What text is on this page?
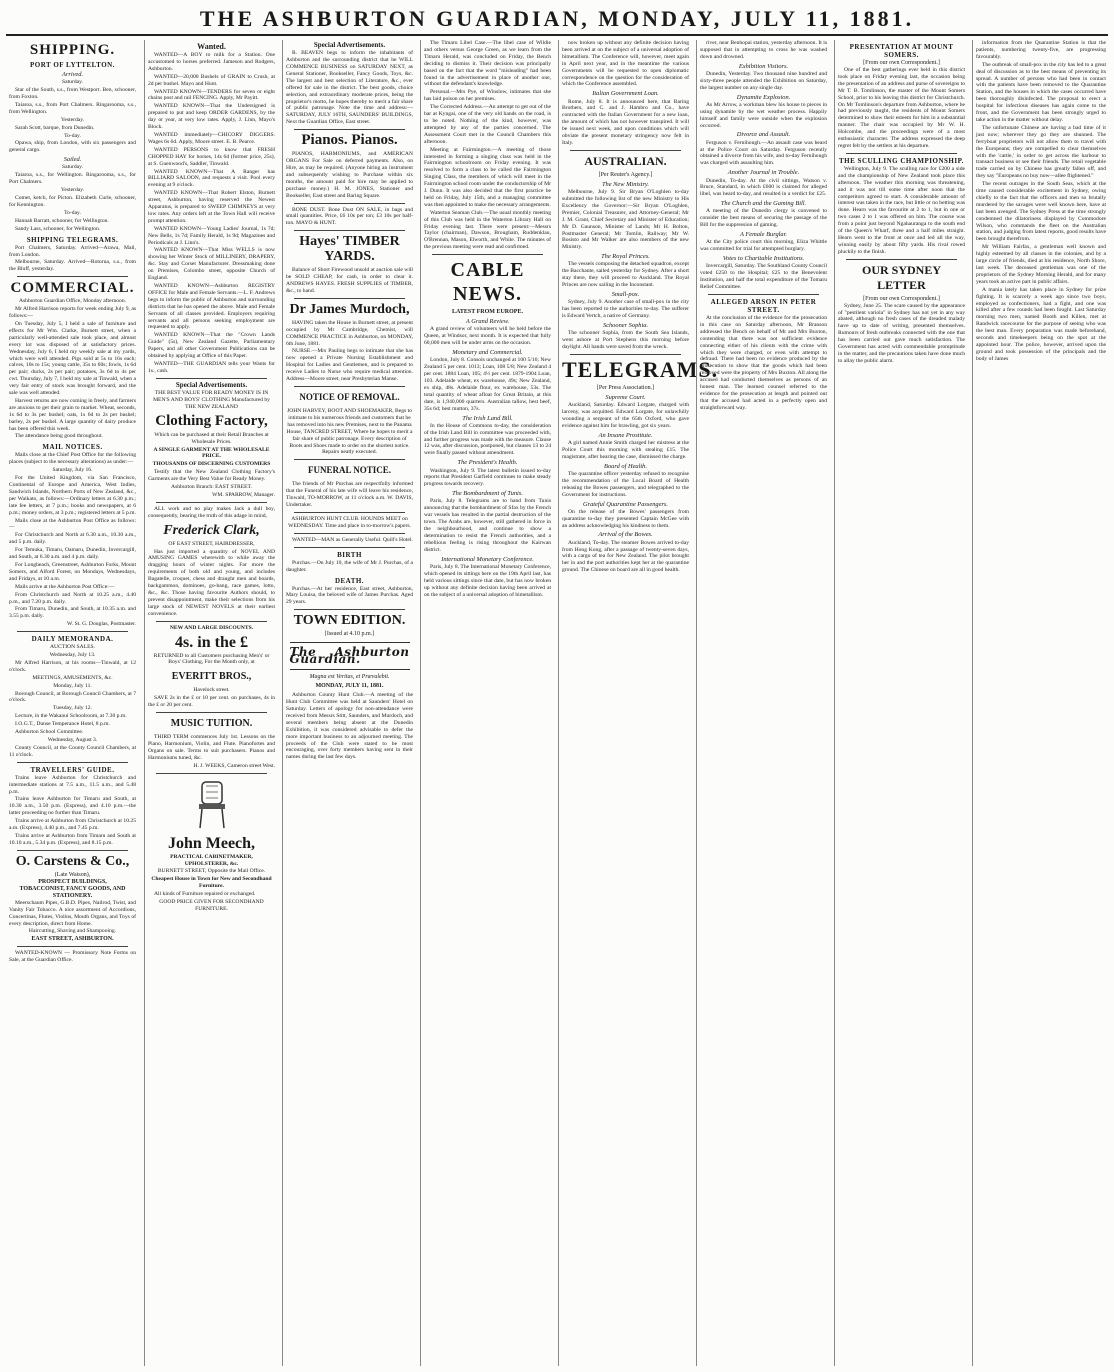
THE ASHBURTON GUARDIAN, MONDAY, JULY 11, 1881.
SHIPPING.
PORT OF LYTTELTON.
Arrived.

Saturday.

Star of the South, s.s., from Westport. Ben, schooner, from Foxton.

Taiaroa, s.s., from Port Chalmers. Ringarooma, s.s., from Wellington.

Yesterday.

Sarah Scott, barque, from Dunedin.

To-day.

Opawa, ship, from London, with six passengers and general cargo.

Sailed.

Saturday.

Taiaroa, s.s., for Wellington. Ringarooma, s.s., for Port Chalmers.

Yesterday.

Comet, ketch, for Picton. Elizabeth Curle, schooner, for Kennington.

To-day.

Hannah Barratt, schooner, for Wellington.

Sandy Lass, schooner, for Wellington.

SHIPPING TELEGRAMS.

Port Chalmers, Saturday. Arrived—Arawa, Mail, from London.

Melbourne, Saturday. Arrived—Rotorua, s.s., from the Bluff, yesterday.

COMMERCIAL.

Ashburton Guardian Office, Monday afternoon.

Mr Alfred Harrison reports for week ending July 9, as follows:—

On Tuesday, July 5, I held a sale of furniture and effects for Mr Wm. Clarke, Burnett street, when a particularly well-attended sale took place, and almost every lot was disposed of at satisfactory prices. Wednesday, July 6, I held my weekly sale at my yards, which were well attended. Pigs sold at 5s to 16s each; calves, 10s to 15s; young cattle, 35s to 60s; fowls, 1s 6d per pair; ducks, 2s per pair; potatoes, 3s 6d to 4s per cwt. Thursday, July 7, I held my sale at Tinwald, when a very fair entry of stock was brought forward, and the sale was well attended.

Harvest returns are now coming in freely, and farmers are anxious to get their grain to market. Wheat, seconds, 1s 6d to 3s per bushel; oats, 1s 6d to 2s per bushel; barley, 2s per bushel. A large quantity of dairy produce has been offered this week.

The attendance being good throughout.

MAIL NOTICES.

Mails close at the Chief Post Office for the following places (subject to the necessary alterations) as under:—

Saturday, July 16.

For the United Kingdom, via San Francisco, Continental of Europe and America, West Indies, Sandwich Islands, Northern Ports of New Zealand, &c., per Waikato, as follows:—Ordinary letters at 6.30 p.m.; late fee letters, at 7 p.m.; books and newspapers, at 6 p.m.; money orders, at 3 p.m.; registered letters at 5 p.m.

Mails close at the Ashburton Post Office as follows:—

For Christchurch and North at 6.30 a.m., 10.30 a.m., and 5 p.m. daily.

For Temuka, Timaru, Oamaru, Dunedin, Invercargill, and South, at 6.30 a.m. and 4 p.m. daily.

For Longbeach, Greenstreet, Ashburton Forks, Mount Somers, and Alford Forest, on Mondays, Wednesdays, and Fridays, at 10 a.m.

Mails arrive at the Ashburton Post Office:—

From Christchurch and North at 10.25 a.m., 4.40 p.m., and 7.20 p.m. daily.

From Timaru, Dunedin, and South, at 10.35 a.m. and 3.55 p.m. daily.

W. St. G. Douglas, Postmaster.

DAILY MEMORANDA.

AUCTION SALES.

Wednesday, July 13.

Mr Alfred Harrison, at his rooms—Tinwald, at 12 o'clock.

MEETINGS, AMUSEMENTS, &c.

Monday, July 11.

Borough Council, at Borough Council Chambers, at 7 o'clock.

Tuesday, July 12.

Lecture, in the Wakanui Schoolroom, at 7.30 p.m.

I.O.G.T., Dunse Temperance Hotel, 8 p.m.

Ashburton School Committee.

Wednesday, August 3.

County Council, at the County Council Chambers, at 11 o'clock.

TRAVELLERS' GUIDE.

Trains leave Ashburton for Christchurch and intermediate stations at 7.5 a.m., 11.5 a.m., and 5.48 p.m.

Trains leave Ashburton for Timaru and South, at 10.30 a.m., 3.50 p.m. (Express), and 4.10 p.m.—the latter proceeding no further than Timaru.

Trains arrive at Ashburton from Christchurch at 10.25 a.m. (Express), 4.40 p.m., and 7.45 p.m.

Trains arrive at Ashburton from Timaru and South at 10.10 a.m., 5.34 p.m. (Express), and 8.15 p.m.

O. Carstens & Co.,
(Late Watson),
PROSPECT BUILDINGS,
TOBACCONIST, FANCY GOODS, AND STATIONERY.

Meerschaum Pipes, G.B.D. Pipes, Nailrod, Twist, and Vanity Fair Tobacco. A nice assortment of Accordions, Concertinas, Flutes, Violins, Mouth Organs, and Toys of every description, direct from Home.

Haircutting, Shaving and Shampooing.

EAST STREET, ASHBURTON.

WANTED-KNOWN — Promissory Note Forms on Sale, at the Guardian Office.

Wanted.

WANTED—A BOY to milk for a Station. One accustomed to horses preferred. Jameson and Rodgers, Ashburton.

WANTED—20,000 Bushels of GRAIN to Crush, at 2d per bushel. Mayo and Hunt.

WANTED KNOWN—TENDERS for seven or eight chains post and rail FENCING. Apply, Mr Payitt.

WANTED KNOWN—That the Undersigned is prepared to put and keep ORDER GARDENS, by the day or year, at very low rates. Apply, J. Linn, Mayo's Block.

WANTED immediately—CHICORY DIGGERS. Wages 6s 6d. Apply, Moore street. E. B. Pearce.

WANTED PERSONS to know that FRESH CHOPPED HAY for horses, 14s 6d (former price, 25s), at S. Guenwood's, Saddler, Tinwald.

WANTED KNOWN—That A Ranger has BILLIARD SALOON, and requests a visit. Pool every evening at 9 o'clock.

WANTED KNOWN—That Robert Elston, Burnett street, Ashburton, having reserved the Newest Apparatus, is prepared to SWEEP CHIMNEYS at very low rates. Any orders left at the Town Hall will receive prompt attention.

WANTED KNOWN—Young Ladies' Journal, 1s 7d; New Bells, 1s 7d; Family Herald, 1s 9d; Magazines and Periodicals at J. Linn's.

WANTED KNOWN—That Miss WELLS is now showing her Winter Stock of MILLINERY, DRAPERY, &c. Stay and Corset Manufacturer. Dressmaking done on Premises, Colombo street, opposite Church of England.

WANTED KNOWN—Ashburton REGISTRY OFFICE for Male and Female Servants.—L. F. Andrews begs to inform the public of Ashburton and surrounding districts that he has opened the above. Male and Female Servants of all classes provided. Employers requiring servants and all persons seeking employment are requested to apply.

WANTED KNOWN—That the "Crown Lands Guide" (5s), New Zealand Gazette, Parliamentary Papers, and all other Government Publications can be obtained by applying at Office of this Paper.

WANTED—THE GUARDIAN tells your Wants for 1s., cash.

Special Advertisements.

THE BEST VALUE FOR READY MONEY IS IN MEN'S AND BOYS' CLOTHING Manufactured by THE NEW ZEALAND

Clothing Factory,

Which can be purchased at their Retail Branches at Wholesale Prices.

A SINGLE GARMENT AT THE WHOLESALE PRICE.

THOUSANDS OF DISCERNING CUSTOMERS

Testify that the New Zealand Clothing Factory's Garments are the Very Best Value for Ready Money.

Ashburton Branch: EAST STREET.

WM. SPARROW, Manager.

ALL work and no play makes Jack a dull boy, consequently, bearing the truth of this adage in mind,

Frederick Clark,

OF EAST STREET, HAIRDRESSER,

Has just imported a quantity of NOVEL AND AMUSING GAMES wherewith to while away the dragging hours of winter nights. Far more the requirements of both old and young, and includes Bagatelle, croquet, chess and draught men and boards, backgammon, dominoes, go-bang, race games, lotto, &c., &c. Those having favourite Authors should, to prevent disappointment, make their selections from his large stock of NEWEST NOVELS at their earliest convenience.

NEW AND LARGE DISCOUNTS.

4s. in the £

RETURNED to all Customers purchasing Men's' or Boys' Clothing, For the Month only, at

EVERITT BROS.,

Havelock street.

SAVE 2s in the £ or 10 per cent. on purchases, 4s in the £ or 20 per cent.

MUSIC TUITION.

THIRD TERM commences July 1st. Lessons on the Piano, Harmonium, Violin, and Flute. Pianofortes and Organs on sale. Terms to suit purchasers. Pianos and Harmoniums tuned, &c.

H. J. WEEKS, Cameron street West.

John Meech,

PRACTICAL CABINETMAKER, UPHOLSTERER, &c.

BURNETT STREET, Opposite the Mail Office.

Cheapest House in Town for New and Secondhand Furniture.

All kinds of Furniture repaired or exchanged.

GOOD PRICE GIVEN FOR SECONDHAND FURNITURE.

Special Advertisements.

R. BEAVEN begs to inform the inhabitants of Ashburton and the surrounding district that he WILL COMMENCE BUSINESS on SATURDAY NEXT, as General Stationer, Bookseller, Fancy Goods, Toys, &c. The largest and best selection of Literature, &c., ever offered for sale in the district. The best goods, choice selection, and extraordinary moderate prices, being the proprietor's motto, he hopes thereby to merit a fair share of public patronage. Note the time and address:— SATURDAY, JULY 16TH, SAUNDERS' BUILDINGS, Next the Guardian Office, East street.

Pianos. Pianos.

PIANOS, HARMONIUMS, and AMERICAN ORGANS For Sale on deferred payments. Also, on Hire, as may be required. (Anyone hiring an instrument and subsequently wishing to Purchase within six months, the amount paid for hire may be applied to purchase money.) H. M. JONES, Stationer and Bookseller, East street and Baring Square.

BONE DUST. Bone Dust ON SALE, in bags and small quantities. Price, £6 10s per ton; £3 10s per half-ton. MAYO & HUNT.

Hayes' TIMBER YARDS.

Balance of Short Firewood unsold at auction sale will be SOLD CHEAP, for cash, in order to clear it. ANDREWS HAYES. FRESH SUPPLIES of TIMBER, &c., to hand.

Dr James Murdoch,

HAVING taken the House in Burnett street, at present occupied by Mr Cambridge, Chemist, will COMMENCE PRACTICE in Ashburton, on MONDAY, 6th June, 1881.

NURSE.—Mrs Pauling begs to intimate that she has now opened a Private Nursing Establishment and Hospital for Ladies and Gentlemen, and is prepared to receive Ladies to Nurse who require medical attention. Address—Moore street, near Presbyterian Manse.

NOTICE OF REMOVAL.

JOHN HARVEY, BOOT AND SHOEMAKER, Begs to intimate to his numerous friends and customers that he has removed into his new Premises, next to the Panama House, TANCRED STREET, Where he hopes to merit a fair share of public patronage. Every description of Boots and Shoes made to order on the shortest notice. Repairs neatly executed.

FUNERAL NOTICE.

The friends of Mr Purchas are respectfully informed that the Funeral of his late wife will leave his residence, Tinwald, TO-MORROW, at 11 o'clock a.m. W. DAVIS, Undertaker.

ASHBURTON HUNT CLUB. HOUNDS MEET on WEDNESDAY. Time and place in to-morrow's papers.

WANTED—MAN as Generally Useful. Quill's Hotel.

BIRTH

Purchas.—On July 10, the wife of Mr J. Purchas, of a daughter.

DEATH.

Purchas.—At her residence, East street, Ashburton, Mary Louisa, the beloved wife of James Purchas. Aged 29 years.

TOWN EDITION.
[Issued at 4.10 p.m.]
The Ashburton Guardian.
Magna est Veritas, et Prævalebit.
MONDAY, JULY 11, 1881.

Ashburton County Hunt Club.—A meeting of the Hunt Club Committee was held at Saunders' Hotel on Saturday. Letters of apology for non-attendance were received from Messrs Stitt, Saunders, and Murdoch, and several members being absent at the Dunedin Exhibition, it was considered advisable to defer the more important business to an adjourned meeting. The proceeds of the Club were stated to be most encouraging, over forty members having sent in their names during the last few days.

The Timaru Libel Case.—The libel case of Wildie and others versus George Green, as we learn from the Timaru Herald, was concluded on Friday, the Bench deciding to dismiss it. Their decision was principally based on the fact that the word "misleading" had been found in the advertisement in place of another one, without the defendant's knowledge.

Personal.—Mrs Pye, of Winslow, intimates that she has laid poison on her premises.

The Corrected Address.—An attempt to get out of the bar at Kyngai, one of the very old hands on the road, is to be noted. Nothing of the kind, however, was attempted by any of the parties concerned. The Assessment Court met in the Council Chambers this afternoon.

Meeting at Fairmington.—A meeting of those interested in forming a singing class was held in the Fairmington schoolroom on Friday evening. It was resolved to form a class to be called the Fairmington Singing Class, the members of which will meet in the Fairmington school room under the conductorship of Mr J. Dunn. It was also decided that the first practice be held on Friday, July 15th, and a managing committee was then appointed to make the necessary arrangements.

Waterton Seaman Club.—The usual monthly meeting of this Club was held in the Waterton Library Hall on Friday evening last. There were present:—Messrs Taylor (chairman), Dawson, Brougham, Ruddenklau, O'Brennan, Mason, Elworth, and White. The minutes of the previous meeting were read and confirmed.

CABLE NEWS.
LATEST FROM EUROPE.
A Grand Review.

A grand review of volunteers will be held before the Queen, at Windsor, next month. It is expected that fully 60,000 men will be under arms on the occasion.

Monetary and Commercial.

London, July 8. Consols unchanged at 100 5/16; New Zealand 5 per cent. 1013; Loan, 108 5/8; New Zealand 4 per cent. 1884 Loan, 105; 4½ per cent. 1879-1904 Loan, 103. Adelaide wheat, ex warehouse, 49s; New Zealand, ex ship, 48s. Adelaide flour, ex warehouse, 53s. The total quantity of wheat afloat for Great Britain, at this date, is 1,940,000 quarters. Australian tallow, best beef, 35s 6d; best mutton, 37s.

The Irish Land Bill.

In the House of Commons to-day, the consideration of the Irish Land Bill in committee was proceeded with, and further progress was made with the measure. Clause 12 was, after discussion, postponed, but clauses 13 to 24 were finally passed without amendment.

The President's Health.

Washington, July 9. The latest bulletin issued to-day reports that President Garfield continues to make steady progress towards recovery.

The Bombardment of Tunis.

Paris, July 8. Telegrams are to hand from Tunis announcing that the bombardment of Sfax by the French war vessels has resulted in the partial destruction of the town. The Arabs are, however, still gathered in force in the neighbourhood, and continue to show a determination to resist the French authorities, and a rebellious feeling is rising throughout the Kairwan district.

International Monetary Conference.

Paris, July 8. The International Monetary Conference, which opened its sittings here on the 19th April last, has held various sittings since that date, but has now broken up without any definite decision having been arrived at on the subject of a universal adoption of bimetallism.

now broken up without any definite decision having been arrived at on the subject of a universal adoption of bimetallism. The Conference will, however, meet again in April next year, and in the meantime the various Governments will be requested to open diplomatic correspondence on the question for the consideration of which the Conference assembled.

Italian Government Loan.

Rome, July 8. It is announced here, that Baring Brothers, and C. and J. Hambro and Co., have contracted with the Italian Government for a new loan, the amount of which has not however transpired. It will be issued next week, and upon conditions which will obviate the present monetary stringency now felt in Italy.

AUSTRALIAN.
[Per Reuter's Agency.]
The New Ministry.

Melbourne, July 9. Sir Bryan O'Loghlen to-day submitted the following list of the new Ministry to His Excellency the Governor:—Sir Bryan O'Loghlen, Premier, Colonial Treasurer, and Attorney-General; Mr J. M. Grant, Chief Secretary and Minister of Education; Mr D. Gaunson, Minister of Lands; Mr H. Bolton, Postmaster General; Mr Tomlin, Railway; Mr W. Bosisto and Mr Walker are also members of the new Ministry.

The Royal Princes.

The vessels composing the detached squadron, except the Bacchante, sailed yesterday for Sydney. After a short stay there, they will proceed to Auckland. The Royal Princes are now sailing in the Inconstant.

Small-pox.

Sydney, July 9. Another case of small-pox in the city has been reported to the authorities to-day. The sufferer is Edward Vertch, a native of Germany.

Schooner Sophia.

The schooner Sophia, from the South Sea Islands, went ashore at Port Stephens this morning before daylight. All hands were saved from the wreck.

TELEGRAMS.
[Per Press Association.]
Supreme Court.

Auckland, Saturday. Edward Lorgate, charged with larceny, was acquitted. Edward Lorgate, for unlawfully wounding a sergeant of the 65th Oxford, who gave evidence against him for brawling, got six years.

An Insane Prostitute.

A girl named Annie Smith charged her mistress at the Police Court this morning with stealing £15. The magistrate, after hearing the case, dismissed the charge.

Board of Health.

The quarantine officer yesterday refused to recognise the recommendation of the Local Board of Health releasing the Bowes passengers, and telegraphed to the Government for instructions.

Grateful Quarantine Passengers.

On the release of the Bowes' passengers from quarantine to-day they presented Captain McGee with an address acknowledging his kindness to them.

Arrival of the Bowes.

Auckland, To-day. The steamer Bowes arrived to-day from Hong Kong, after a passage of twenty-seven days, with a cargo of tea for New Zealand. The pilot brought her in and the port authorities kept her at the quarantine ground. The Chinese on board are all in good health.

river, near Benhopai station, yesterday afternoon. It is supposed that in attempting to cross he was washed down and drowned.

Exhibition Visitors.

Dunedin, Yesterday. Two thousand nine hundred and sixty-three people attended the Exhibition on Saturday, the largest number on any single day.

Dynamite Explosion.

As Mr Arrow, a workman blew his house to pieces in using dynamite by the wet weather process. Happily himself and family were outside when the explosion occurred.

Divorce and Assault.

Ferguson v. Fernihough.—An assault case was heard at the Police Court on Saturday. Ferguson recently obtained a divorce from his wife, and to-day Fernihough was charged with assaulting him.

Another Journal in Trouble.

Dunedin, To-day. At the civil sittings, Watson v. Bruce, Standard, in which £600 is claimed for alleged libel, was heard to-day, and resulted in a verdict for £25.

The Church and the Gaming Bill.

A meeting of the Dunedin clergy is convened to consider the best means of securing the passage of the Bill for the suppression of gaming.

A Female Burglar.

At the City police court this morning, Eliza Whittle was committed for trial for attempted burglary.

Votes to Charitable Institutions.

Invercargill, Saturday. The Southland County Council voted £250 to the Hospital; £25 to the Benevolent Institution, and half the total expenditure of the Tomaru Relief Committee.

ALLEGED ARSON IN PETER STREET.

At the conclusion of the evidence for the prosecution in this case on Saturday afternoon, Mr Branson addressed the Bench on behalf of Mr and Mrs Buxton, contending that there was not sufficient evidence connecting either of his clients with the crime with which they were charged, or even with attempt to defraud. There had been no evidence produced by the prosecution to show that the goods which had been removed were the property of Mrs Buxton. All along the accused had conducted themselves as persons of an honest man. The learned counsel referred to the evidence for the prosecution at length and pointed out that the accused had acted in a perfectly open and straightforward way.

PRESENTATION AT MOUNT SOMERS.
[From our own Correspondent.]

One of the best gatherings ever held in this district took place on Friday evening last, the occasion being the presentation of an address and purse of sovereigns to Mr T. B. Tomlinson, the master of the Mount Somers School, prior to his leaving this district for Christchurch. On Mr Tomlinson's departure from Ashburton, where he had previously taught, the residents of Mount Somers determined to show their esteem for him in a substantial manner. The chair was occupied by Mr W. H. Holcombe, and the proceedings were of a most enthusiastic character. The address expressed the deep regret felt by the settlers at his departure.

THE SCULLING CHAMPIONSHIP.

Wellington, July 9. The sculling race for £200 a side and the championship of New Zealand took place this afternoon. The weather this morning was threatening, and it was not till some time after noon that the competitors agreed to start. A considerable amount of interest was taken in the race, but little or no betting was done. Hearn was the favourite at 2 to 1, but in one or two cases 2 to 1 was offered on him. The course was from a point just beyond Ngahauranga to the south end of the Queen's Wharf, three and a half miles straight. Hearn went to the front at once and led all the way, winning easily by about fifty yards. His rival rowed pluckily to the finish.

OUR SYDNEY LETTER
[From our own Correspondent.]

Sydney, June 25. The scare caused by the appearance of "pestilent variola" in Sydney has not yet in any way abated, although no fresh cases of the dreaded malady have up to date of writing, presented themselves. Rumours of fresh outbreaks connected with the one that has been carried out gave much satisfaction. The Government has acted with commendable promptitude in the matter, and the precautions taken have done much to allay the public alarm.

information from the Quarantine Station is that the patients, numbering twenty-five, are progressing favourably.

The outbreak of small-pox in the city has led to a great deal of discussion as to the best means of preventing its spread. A number of persons who had been in contact with the patients have been removed to the Quarantine Station, and the houses in which the cases occurred have been thoroughly disinfected. The proposal to erect a hospital for infectious diseases has again come to the front, and the Government has been strongly urged to take action in the matter without delay.

The unfortunate Chinese are having a bad time of it just now; wherever they go they are shunned. The ferryboat proprietors will not allow them to travel with the Europeans; they are compelled to clear themselves with the 'cattle,' in order to get across the harbour to transact business or see their friends. The retail vegetable trade carried on by Chinese has greatly fallen off, and they say "Europeans no buy now—allee flightened."

The recent outrages in the South Seas, which at the time caused considerable excitement in Sydney, owing chiefly to the fact that the officers and men so brutally murdered by the savages were well known here, have at last been avenged. The Sydney Press at the time strongly condemned the dilatoriness displayed by Commodore Wilson, who commands the fleet on the Australian station, and judging from latest reports, good results have been brought therefrom.

Mr William Fairfax, a gentleman well known and highly esteemed by all classes in the colonies, and by a large circle of friends, died at his residence, North Shore, last week. The deceased gentleman was one of the proprietors of the Sydney Morning Herald, and for many years took an active part in public affairs.

A mania lately has taken place in Sydney for prize fighting. It is scarcely a week ago since two boys, employed as confectioners, had a fight, and one was killed after a few rounds had been fought. Last Saturday morning two men, named Booth and Killen, met at Randwick racecourse for the purpose of seeing who was the best man. Every preparation was made beforehand, seconds and timekeepers being on the spot at the appointed hour. The police, however, arrived upon the ground and took possession of the principals and the body of James
